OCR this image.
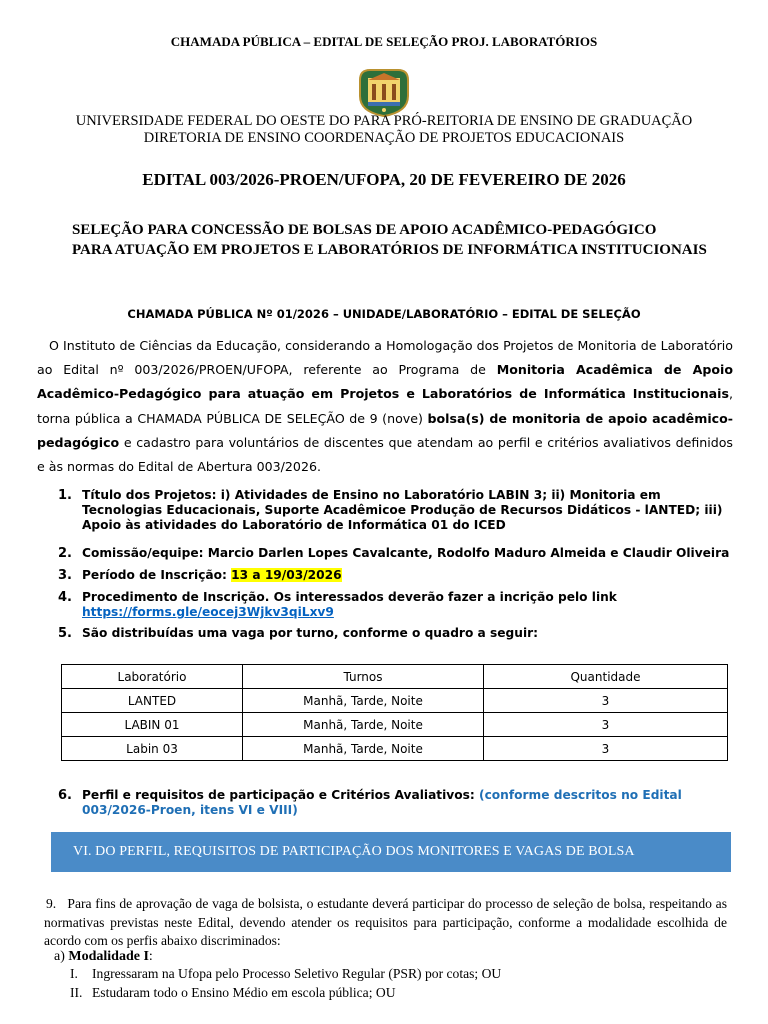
CHAMADA PÚBLICA – EDITAL DE SELEÇÃO PROJ. LABORATÓRIOS
UNIVERSIDADE FEDERAL DO OESTE DO PARA PRÓ-REITORIA DE ENSINO DE GRADUAÇÃO
DIRETORIA DE ENSINO COORDENAÇÃO DE PROJETOS EDUCACIONAIS
EDITAL 003/2026-PROEN/UFOPA, 20 DE FEVEREIRO DE 2026
SELEÇÃO PARA CONCESSÃO DE BOLSAS DE APOIO ACADÊMICO-PEDAGÓGICO
PARA ATUAÇÃO EM PROJETOS E LABORATÓRIOS DE INFORMÁTICA INSTITUCIONAIS
CHAMADA PÚBLICA Nº 01/2026 – UNIDADE/LABORATÓRIO – EDITAL DE SELEÇÃO
O Instituto de Ciências da Educação, considerando a Homologação dos Projetos de Monitoria de Laboratório ao Edital nº 003/2026/PROEN/UFOPA, referente ao Programa de Monitoria Acadêmica de Apoio Acadêmico-Pedagógico para atuação em Projetos e Laboratórios de Informática Institucionais, torna pública a CHAMADA PÚBLICA DE SELEÇÃO de 9 (nove) bolsa(s) de monitoria de apoio acadêmico-pedagógico e cadastro para voluntários de discentes que atendam ao perfil e critérios avaliativos definidos e às normas do Edital de Abertura 003/2026.
1. Título dos Projetos: i) Atividades de Ensino no Laboratório LABIN 3; ii) Monitoria em Tecnologias Educacionais, Suporte Acadêmicoe Produção de Recursos Didáticos - lANTED; iii) Apoio às atividades do Laboratório de Informática 01 do ICED
2. Comissão/equipe: Marcio Darlen Lopes Cavalcante, Rodolfo Maduro Almeida e Claudir Oliveira
3. Período de Inscrição: 13 a 19/03/2026
4. Procedimento de Inscrição. Os interessados deverão fazer a incrição pelo link
https://forms.gle/eocej3Wjkv3qiLxv9
5. São distribuídas uma vaga por turno, conforme o quadro a seguir:
Laboratório	Turnos	Quantidade
LANTED	Manhã, Tarde, Noite	3
LABIN 01	Manhã, Tarde, Noite	3
Labin 03	Manhã, Tarde, Noite	3
6. Perfil e requisitos de participação e Critérios Avaliativos: (conforme descritos no Edital 003/2026-Proen, itens VI e VIII)
VI. DO PERFIL, REQUISITOS DE PARTICIPAÇÃO DOS MONITORES E VAGAS DE BOLSA
9. Para fins de aprovação de vaga de bolsista, o estudante deverá participar do processo de seleção de bolsa, respeitando as normativas previstas neste Edital, devendo atender os requisitos para participação, conforme a modalidade escolhida de acordo com os perfis abaixo discriminados:
a) Modalidade I:
I. Ingressaram na Ufopa pelo Processo Seletivo Regular (PSR) por cotas; OU
II. Estudaram todo o Ensino Médio em escola pública; OU
